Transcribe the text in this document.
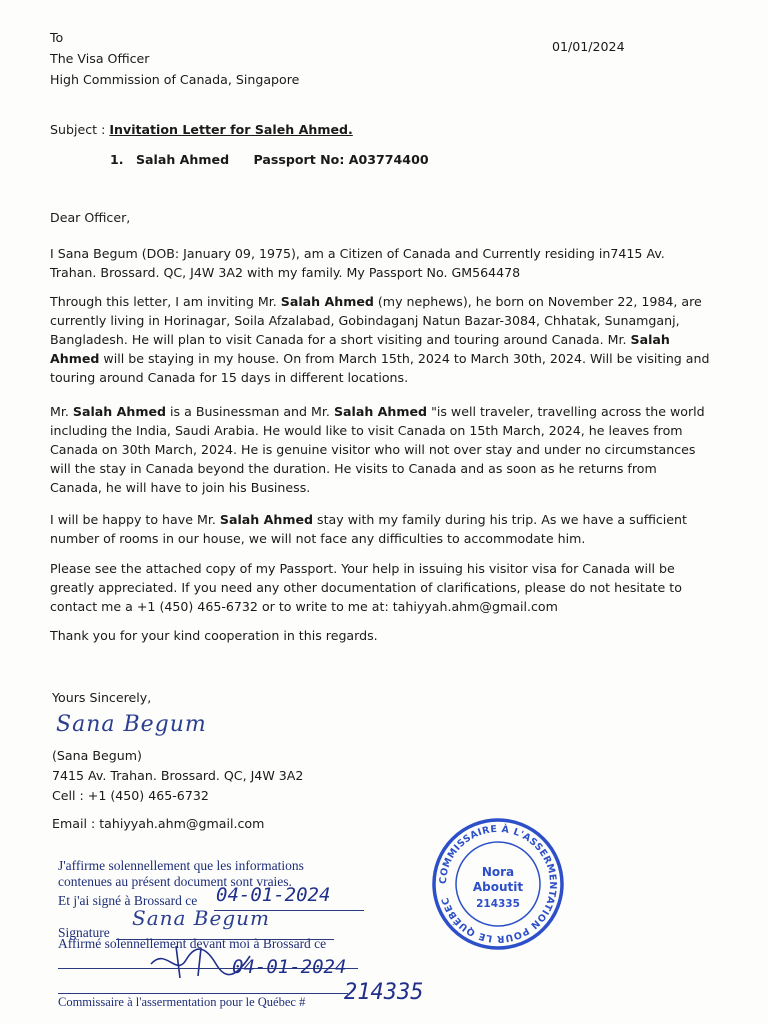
To
The Visa Officer
High Commission of Canada, Singapore
01/01/2024
Subject : Invitation Letter for Saleh Ahmed.
1. Salah Ahmed Passport No: A03774400
Dear Officer,
I Sana Begum (DOB: January 09, 1975), am a Citizen of Canada and Currently residing in7415 Av. Trahan. Brossard. QC, J4W 3A2 with my family. My Passport No. GM564478
Through this letter, I am inviting Mr. Salah Ahmed (my nephews), he born on November 22, 1984, are currently living in Horinagar, Soila Afzalabad, Gobindaganj Natun Bazar-3084, Chhatak, Sunamganj, Bangladesh. He will plan to visit Canada for a short visiting and touring around Canada. Mr. Salah Ahmed will be staying in my house. On from March 15th, 2024 to March 30th, 2024. Will be visiting and touring around Canada for 15 days in different locations.
Mr. Salah Ahmed is a Businessman and Mr. Salah Ahmed "is well traveler, travelling across the world including the India, Saudi Arabia. He would like to visit Canada on 15th March, 2024, he leaves from Canada on 30th March, 2024. He is genuine visitor who will not over stay and under no circumstances will the stay in Canada beyond the duration. He visits to Canada and as soon as he returns from Canada, he will have to join his Business.
I will be happy to have Mr. Salah Ahmed stay with my family during his trip. As we have a sufficient number of rooms in our house, we will not face any difficulties to accommodate him.
Please see the attached copy of my Passport. Your help in issuing his visitor visa for Canada will be greatly appreciated. If you need any other documentation of clarifications, please do not hesitate to contact me a +1 (450) 465-6732 or to write to me at: tahiyyah.ahm@gmail.com
Thank you for your kind cooperation in this regards.
Yours Sincerely,
Sana Begum
(Sana Begum)
7415 Av. Trahan. Brossard. QC, J4W 3A2
Cell : +1 (450) 465-6732
Email : tahiyyah.ahm@gmail.com
J'affirme solennellement que les informations
contenues au présent document sont vraies.
Et j'ai signé à Brossard ce 04-01-2024
Signature
Sana Begum
Affirmé solennellement devant moi à Brossard ce
04-01-2024
Commissaire à l'assermentation pour le Québec # 214335
COMMISSAIRE À L'ASSERMENTATION POUR LE QUÉBEC
Nora
Aboutit
214335
